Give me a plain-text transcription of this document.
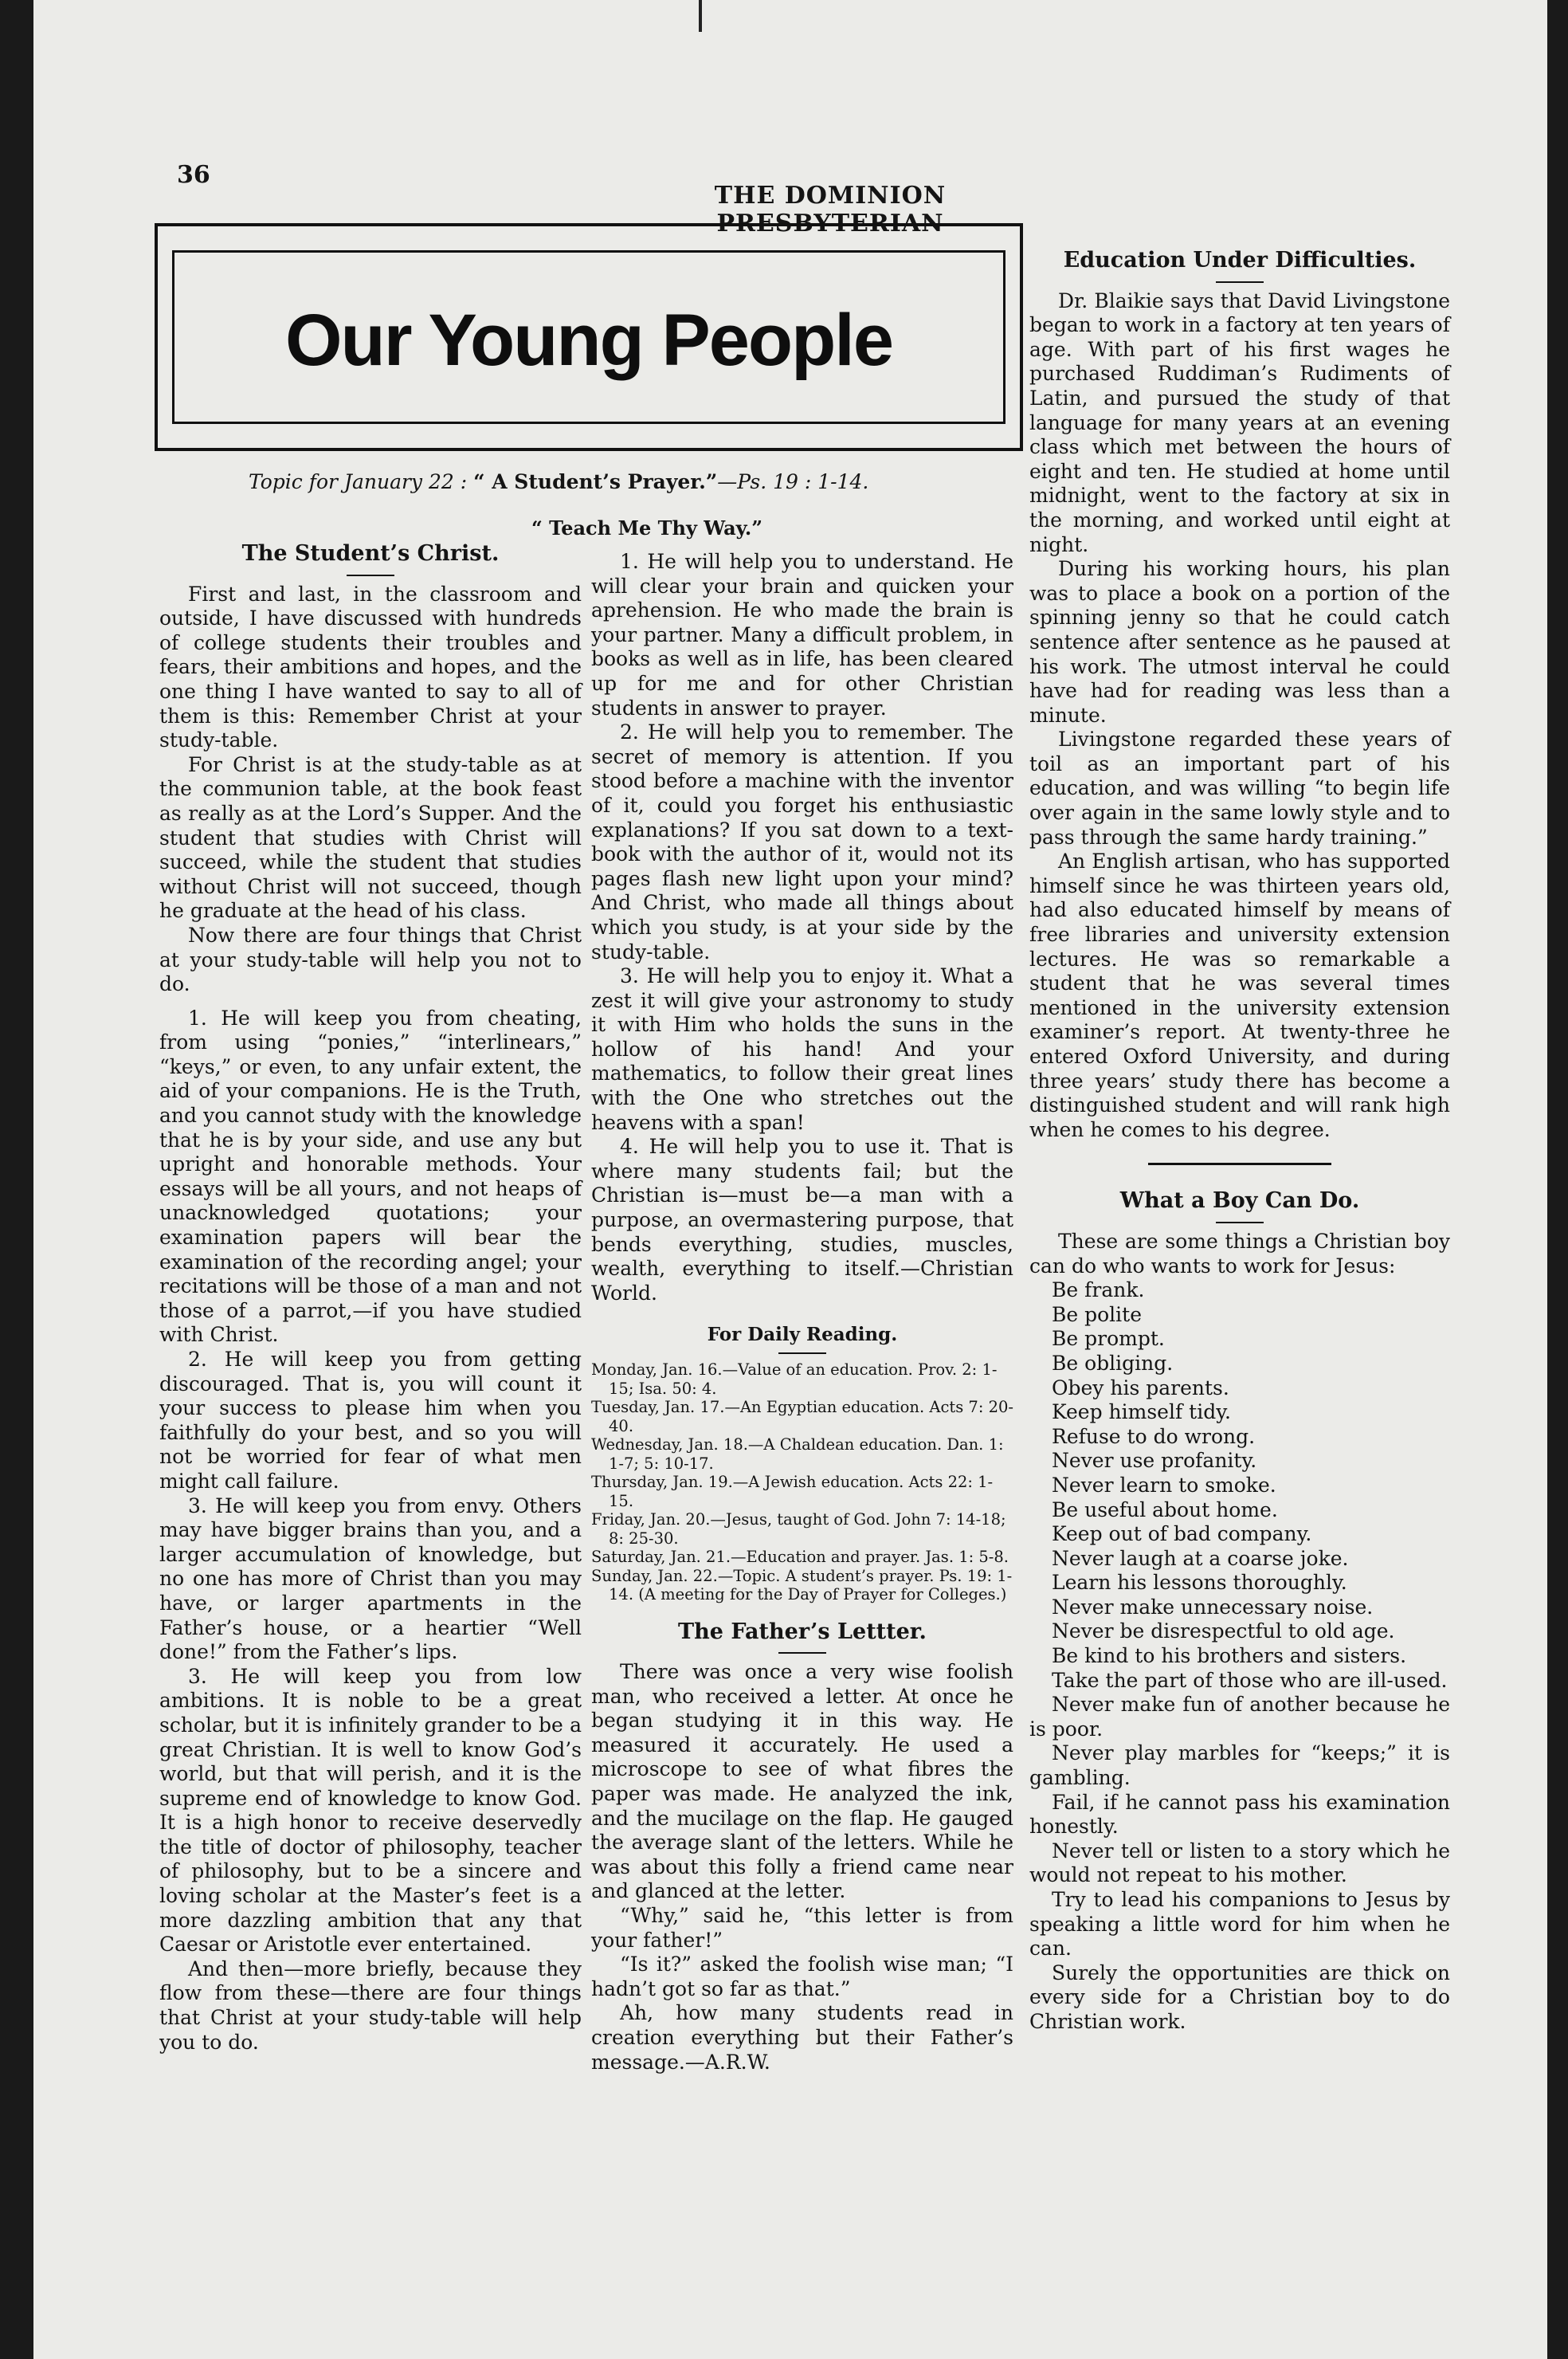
36
THE DOMINION PRESBYTERIAN
Our Young People
Topic for January 22 : “ A Student’s Prayer.”—Ps. 19 : 1-14.
“ Teach Me Thy Way.”
The Student’s Christ.

First and last, in the classroom and outside, I have discussed with hundreds of college students their troubles and fears, their ambitions and hopes, and the one thing I have wanted to say to all of them is this: Remember Christ at your study-table.

For Christ is at the study-table as at the communion table, at the book feast as really as at the Lord’s Supper. And the student that studies with Christ will succeed, while the student that studies without Christ will not succeed, though he graduate at the head of his class.

Now there are four things that Christ at your study-table will help you not to do.

1. He will keep you from cheating, from using “ponies,” “interlinears,” “keys,” or even, to any unfair extent, the aid of your companions. He is the Truth, and you cannot study with the knowledge that he is by your side, and use any but upright and honorable methods. Your essays will be all yours, and not heaps of unacknowledged quotations; your examination papers will bear the examination of the recording angel; your recitations will be those of a man and not those of a parrot,—if you have studied with Christ.

2. He will keep you from getting discouraged. That is, you will count it your success to please him when you faithfully do your best, and so you will not be worried for fear of what men might call failure.

3. He will keep you from envy. Others may have bigger brains than you, and a larger accumulation of knowledge, but no one has more of Christ than you may have, or larger apartments in the Father’s house, or a heartier “Well done!” from the Father’s lips.

3. He will keep you from low ambitions. It is noble to be a great scholar, but it is infinitely grander to be a great Christian. It is well to know God’s world, but that will perish, and it is the supreme end of knowledge to know God. It is a high honor to receive deservedly the title of doctor of philosophy, teacher of philosophy, but to be a sincere and loving scholar at the Master’s feet is a more dazzling ambition that any that Caesar or Aristotle ever entertained.

And then—more briefly, because they flow from these—there are four things that Christ at your study-table will help you to do.

1. He will help you to understand. He will clear your brain and quicken your aprehension. He who made the brain is your partner. Many a difficult problem, in books as well as in life, has been cleared up for me and for other Christian students in answer to prayer.

2. He will help you to remember. The secret of memory is attention. If you stood before a machine with the inventor of it, could you forget his enthusiastic explanations? If you sat down to a text-book with the author of it, would not its pages flash new light upon your mind? And Christ, who made all things about which you study, is at your side by the study-table.

3. He will help you to enjoy it. What a zest it will give your astronomy to study it with Him who holds the suns in the hollow of his hand! And your mathematics, to follow their great lines with the One who stretches out the heavens with a span!

4. He will help you to use it. That is where many students fail; but the Christian is—must be—a man with a purpose, an overmastering purpose, that bends everything, studies, muscles, wealth, everything to itself.—Christian World.

For Daily Reading.
Monday, Jan. 16.—Value of an education. Prov. 2: 1-15; Isa. 50: 4.
Tuesday, Jan. 17.—An Egyptian education. Acts 7: 20-40.
Wednesday, Jan. 18.—A Chaldean education. Dan. 1: 1-7; 5: 10-17.
Thursday, Jan. 19.—A Jewish education. Acts 22: 1-15.
Friday, Jan. 20.—Jesus, taught of God. John 7: 14-18; 8: 25-30.
Saturday, Jan. 21.—Education and prayer. Jas. 1: 5-8.
Sunday, Jan. 22.—Topic. A student’s prayer. Ps. 19: 1-14. (A meeting for the Day of Prayer for Colleges.)
The Father’s Lettter.

There was once a very wise foolish man, who received a letter. At once he began studying it in this way. He measured it accurately. He used a microscope to see of what fibres the paper was made. He analyzed the ink, and the mucilage on the flap. He gauged the average slant of the letters. While he was about this folly a friend came near and glanced at the letter.

“Why,” said he, “this letter is from your father!”

“Is it?” asked the foolish wise man; “I hadn’t got so far as that.”

Ah, how many students read in creation everything but their Father’s message.—A.R.W.

Education Under Difficulties.

Dr. Blaikie says that David Livingstone began to work in a factory at ten years of age. With part of his first wages he purchased Ruddiman’s Rudiments of Latin, and pursued the study of that language for many years at an evening class which met between the hours of eight and ten. He studied at home until midnight, went to the factory at six in the morning, and worked until eight at night.

During his working hours, his plan was to place a book on a portion of the spinning jenny so that he could catch sentence after sentence as he paused at his work. The utmost interval he could have had for reading was less than a minute.

Livingstone regarded these years of toil as an important part of his education, and was willing “to begin life over again in the same lowly style and to pass through the same hardy training.”

An English artisan, who has supported himself since he was thirteen years old, had also educated himself by means of free libraries and university extension lectures. He was so remarkable a student that he was several times mentioned in the university extension examiner’s report. At twenty-three he entered Oxford University, and during three years’ study there has become a distinguished student and will rank high when he comes to his degree.

What a Boy Can Do.

These are some things a Christian boy can do who wants to work for Jesus:

Be frank.
Be polite
Be prompt.
Be obliging.
Obey his parents.
Keep himself tidy.
Refuse to do wrong.
Never use profanity.
Never learn to smoke.
Be useful about home.
Keep out of bad company.
Never laugh at a coarse joke.
Learn his lessons thoroughly.
Never make unnecessary noise.
Never be disrespectful to old age.
Be kind to his brothers and sisters.
Take the part of those who are ill-used.
Never make fun of another because he is poor.
Never play marbles for “keeps;” it is gambling.
Fail, if he cannot pass his examination honestly.
Never tell or listen to a story which he would not repeat to his mother.
Try to lead his companions to Jesus by speaking a little word for him when he can.
Surely the opportunities are thick on every side for a Christian boy to do Christian work.
